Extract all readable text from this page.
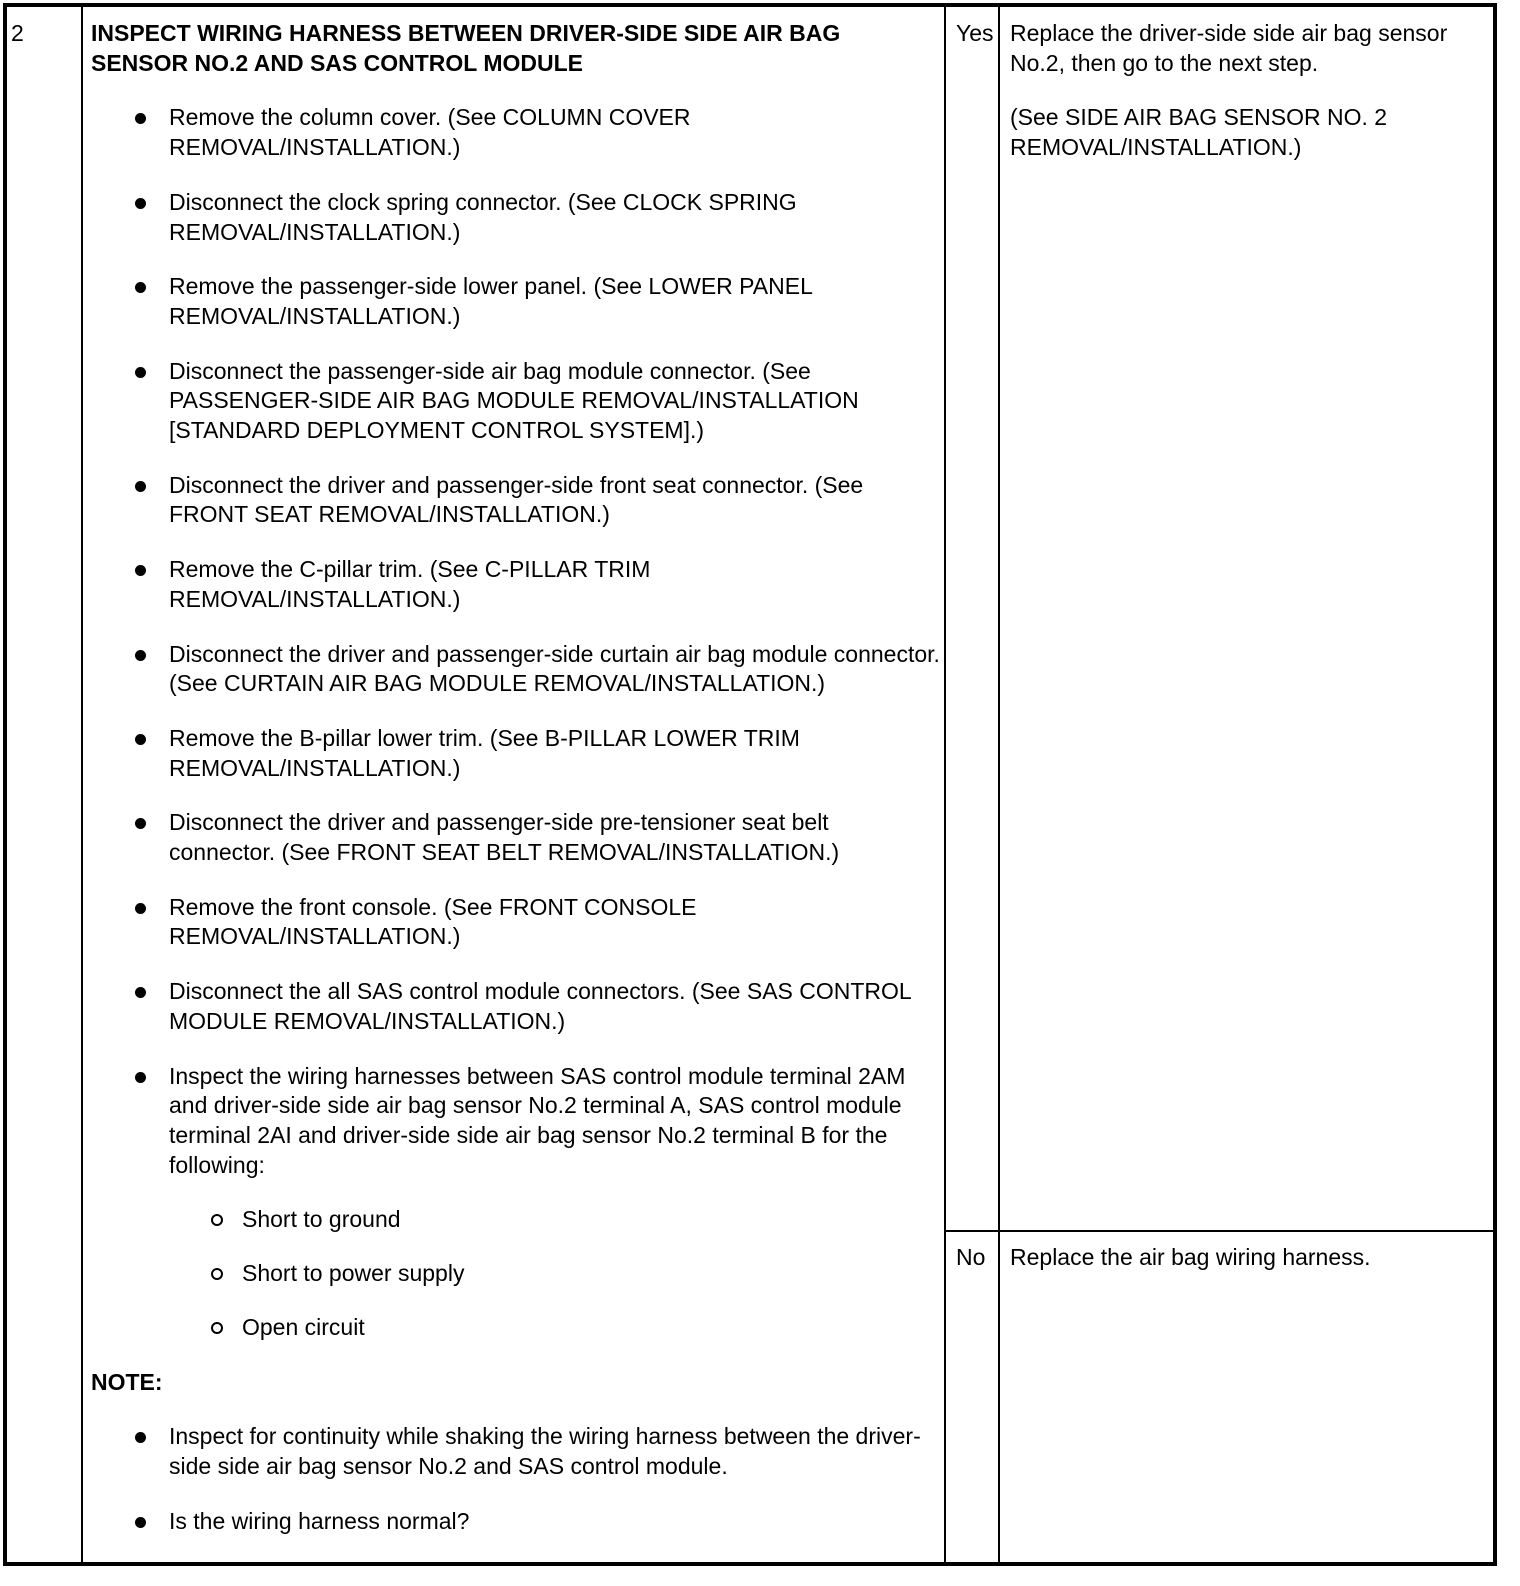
2	INSPECT WIRING HARNESS BETWEEN DRIVER-SIDE SIDE AIR BAG SENSOR NO.2 AND SAS CONTROL MODULE
Remove the column cover. (See COLUMN COVER REMOVAL/INSTALLATION.)
Disconnect the clock spring connector. (See CLOCK SPRING REMOVAL/INSTALLATION.)
Remove the passenger-side lower panel. (See LOWER PANEL REMOVAL/INSTALLATION.)
Disconnect the passenger-side air bag module connector. (See PASSENGER-SIDE AIR BAG MODULE REMOVAL/INSTALLATION [STANDARD DEPLOYMENT CONTROL SYSTEM].)
Disconnect the driver and passenger-side front seat connector. (See FRONT SEAT REMOVAL/INSTALLATION.)
Remove the C-pillar trim. (See C-PILLAR TRIM REMOVAL/INSTALLATION.)
Disconnect the driver and passenger-side curtain air bag module connector. (See CURTAIN AIR BAG MODULE REMOVAL/INSTALLATION.)
Remove the B-pillar lower trim. (See B-PILLAR LOWER TRIM REMOVAL/INSTALLATION.)
Disconnect the driver and passenger-side pre-tensioner seat belt connector. (See FRONT SEAT BELT REMOVAL/INSTALLATION.)
Remove the front console. (See FRONT CONSOLE REMOVAL/INSTALLATION.)
Disconnect the all SAS control module connectors. (See SAS CONTROL MODULE REMOVAL/INSTALLATION.)
Inspect the wiring harnesses between SAS control module terminal 2AM and driver-side side air bag sensor No.2 terminal A, SAS control module terminal 2AI and driver-side side air bag sensor No.2 terminal B for the following:
Short to ground
Short to power supply
Open circuit
NOTE:
Inspect for continuity while shaking the wiring harness between the driver-side side air bag sensor No.2 and SAS control module.
Is the wiring harness normal?
Yes Replace the driver-side side air bag sensor No.2, then go to the next step.

(See SIDE AIR BAG SENSOR NO. 2 REMOVAL/INSTALLATION.)

No Replace the air bag wiring harness.
